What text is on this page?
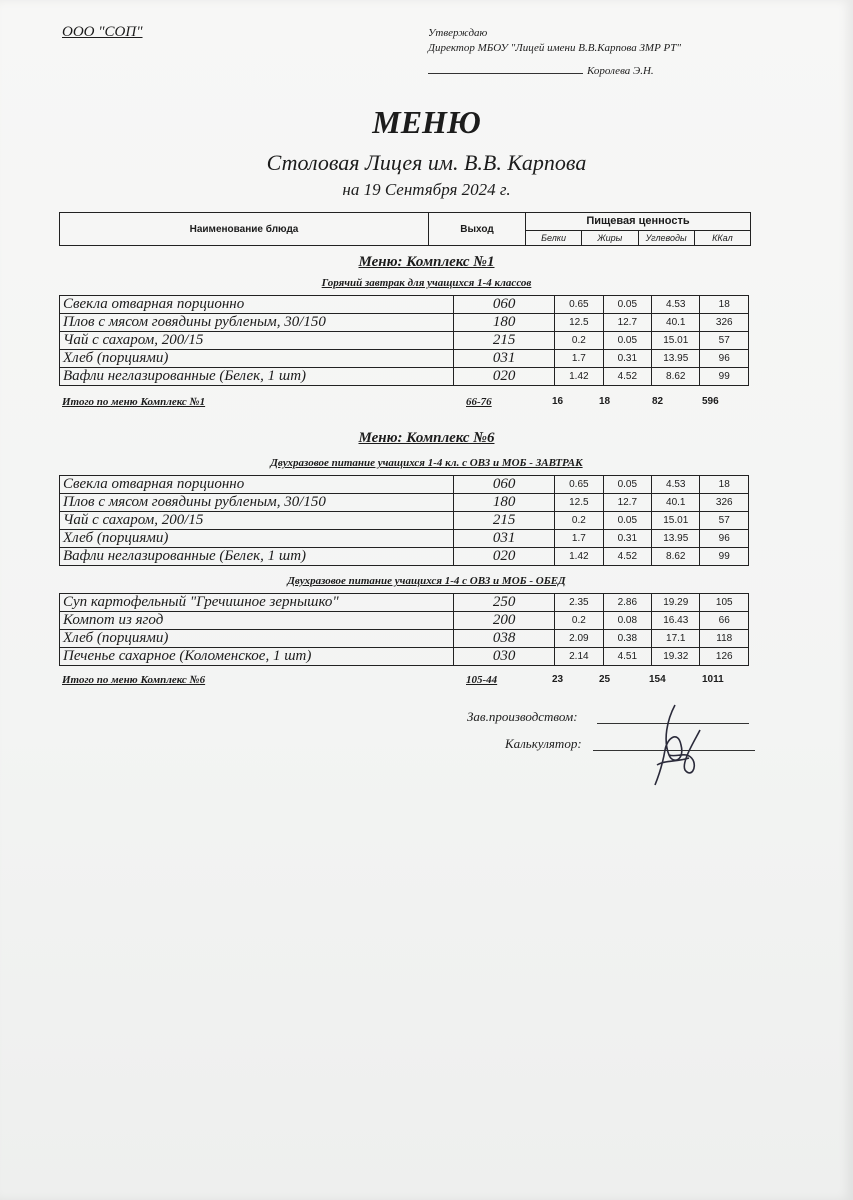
ООО "СОП"	Утверждаю
Директор МБОУ "Лицей имени В.В.Карпова ЗМР РТ"
Королева Э.Н.
МЕНЮ
Столовая Лицея им. В.В. Карпова
на 19 Сентября 2024 г.
Наименование блюда	Выход
Пищевая ценность
Белки	Жиры	Углеводы	ККал
Меню: Комплекс №1
Горячий завтрак для учащихся 1-4 классов
Свекла отварная порционно	060	0.65	0.05	4.53	18
Плов с мясом говядины рубленым, 30/150	180	12.5	12.7	40.1	326
Чай с сахаром, 200/15	215	0.2	0.05	15.01	57
Хлеб (порциями)	031	1.7	0.31	13.95	96
Вафли неглазированные (Белек, 1 шт)	020	1.42	4.52	8.62	99
Итого по меню Комплекс №1	66-76	16	18	82	596
Меню: Комплекс №6
Двухразовое питание учащихся 1-4 кл. с ОВЗ и МОБ - ЗАВТРАК
Свекла отварная порционно	060	0.65	0.05	4.53	18
Плов с мясом говядины рубленым, 30/150	180	12.5	12.7	40.1	326
Чай с сахаром, 200/15	215	0.2	0.05	15.01	57
Хлеб (порциями)	031	1.7	0.31	13.95	96
Вафли неглазированные (Белек, 1 шт)	020	1.42	4.52	8.62	99
Двухразовое питание учащихся 1-4 с ОВЗ и МОБ - ОБЕД
Суп картофельный "Гречишное зернышко"	250	2.35	2.86	19.29	105
Компот из ягод	200	0.2	0.08	16.43	66
Хлеб (порциями)	038	2.09	0.38	17.1	118
Печенье сахарное (Коломенское, 1 шт)	030	2.14	4.51	19.32	126
Итого по меню Комплекс №6	105-44	23	25	154	1011
Зав.производством:
Калькулятор:
